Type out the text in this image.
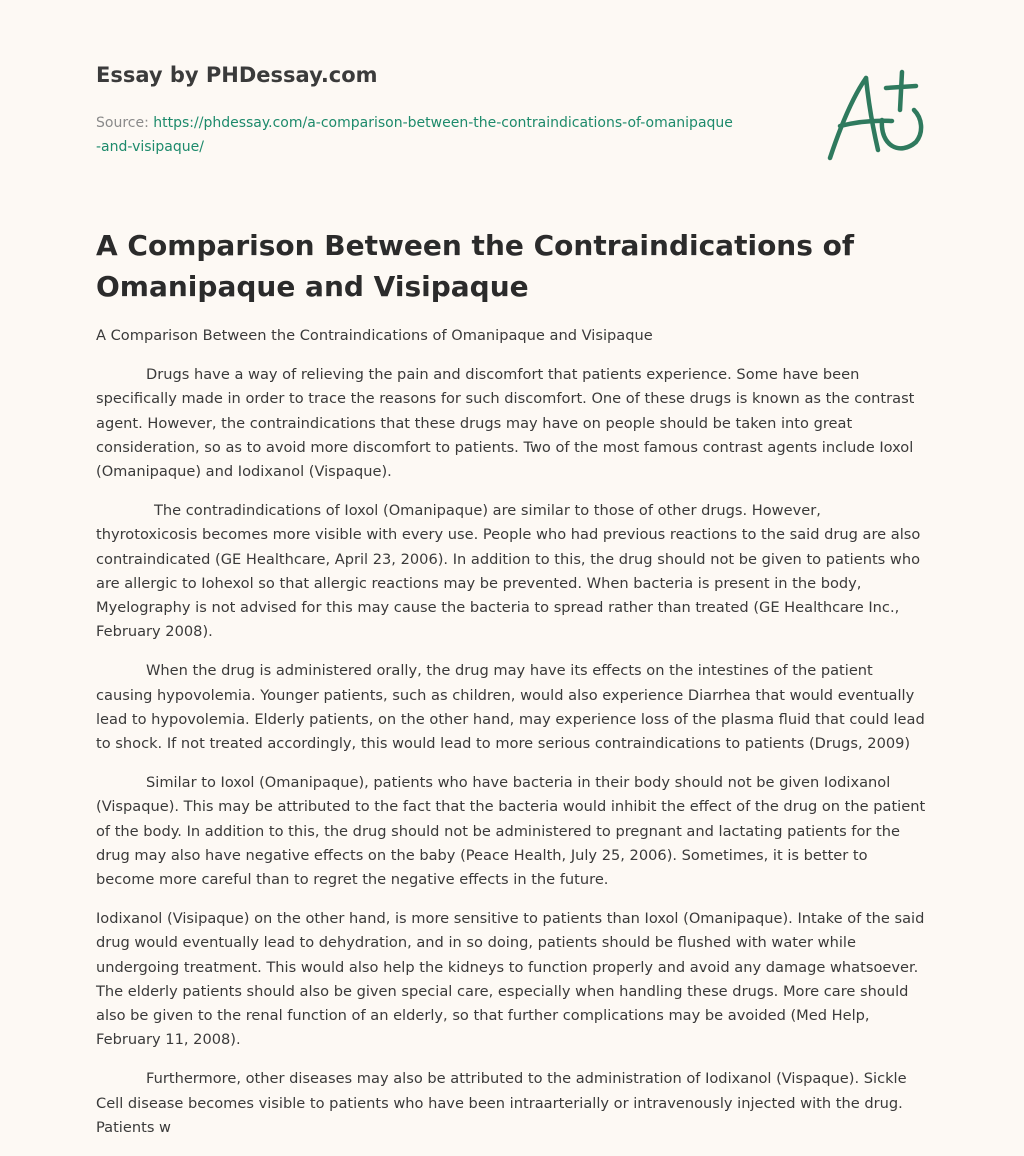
Essay by PHDessay.com

Source: https://phdessay.com/a-comparison-between-the-contraindications-of-omanipaque-and-visipaque/

A Comparison Between the Contraindications of Omanipaque and Visipaque

A Comparison Between the Contraindications of Omanipaque and Visipaque

Drugs have a way of relieving the pain and discomfort that patients experience. Some have been specifically made in order to trace the reasons for such discomfort. One of these drugs is known as the contrast agent. However, the contraindications that these drugs may have on people should be taken into great consideration, so as to avoid more discomfort to patients. Two of the most famous contrast agents include Ioxol (Omanipaque) and Iodixanol (Vispaque).

The contradindications of Ioxol (Omanipaque) are similar to those of other drugs. However, thyrotoxicosis becomes more visible with every use. People who had previous reactions to the said drug are also contraindicated (GE Healthcare, April 23, 2006). In addition to this, the drug should not be given to patients who are allergic to Iohexol so that allergic reactions may be prevented. When bacteria is present in the body, Myelography is not advised for this may cause the bacteria to spread rather than treated (GE Healthcare Inc., February 2008).

When the drug is administered orally, the drug may have its effects on the intestines of the patient causing hypovolemia. Younger patients, such as children, would also experience Diarrhea that would eventually lead to hypovolemia. Elderly patients, on the other hand, may experience loss of the plasma fluid that could lead to shock. If not treated accordingly, this would lead to more serious contraindications to patients (Drugs, 2009)

Similar to Ioxol (Omanipaque), patients who have bacteria in their body should not be given Iodixanol (Vispaque). This may be attributed to the fact that the bacteria would inhibit the effect of the drug on the patient of the body. In addition to this, the drug should not be administered to pregnant and lactating patients for the drug may also have negative effects on the baby (Peace Health, July 25, 2006). Sometimes, it is better to become more careful than to regret the negative effects in the future.

Iodixanol (Visipaque) on the other hand, is more sensitive to patients than Ioxol (Omanipaque). Intake of the said drug would eventually lead to dehydration, and in so doing, patients should be flushed with water while undergoing treatment. This would also help the kidneys to function properly and avoid any damage whatsoever. The elderly patients should also be given special care, especially when handling these drugs. More care should also be given to the renal function of an elderly, so that further complications may be avoided (Med Help, February 11, 2008).

Furthermore, other diseases may also be attributed to the administration of Iodixanol (Vispaque). Sickle Cell disease becomes visible to patients who have been intraarterially or intravenously injected with the drug. Patients w
